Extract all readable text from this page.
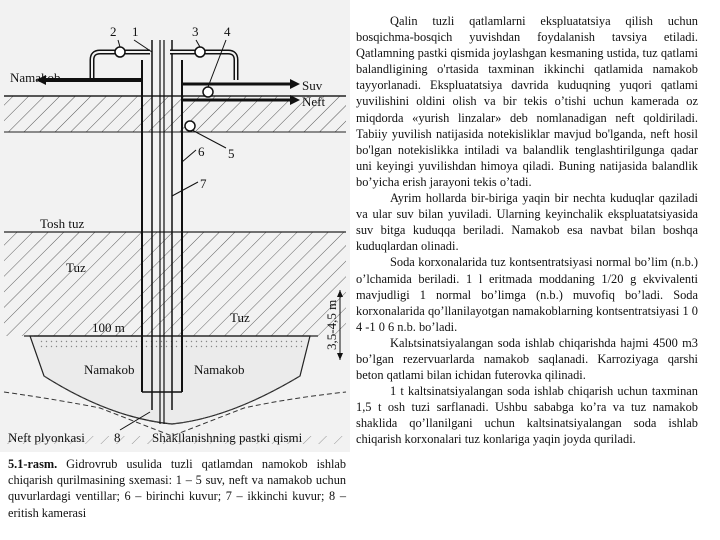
2 1	3 4
5
6
7
8
Namakob
Suv
Neft
Tosh tuz
Tuz
Tuz
100 m	3,5-4,5 m
Namakob	Namakob
Neft plyonkasi	Shakllanishning pastki qismi
5.1-rasm. Gidrovrub usulida tuzli qatlamdan namokob ishlab chiqarish qurilmasining sxemasi: 1 – 5 suv, neft va namakob uchun quvurlardagi ventillar; 6 – birinchi kuvur; 7 – ikkinchi kuvur; 8 – eritish kamerasi

Qalin tuzli qatlamlarni ekspluatatsiya qilish uchun bosqichma-bosqich yuvishdan foydalanish tavsiya etiladi. Qatlamning pastki qismida joylashgan kesmaning ustida, tuz qatlami balandligining o'rtasida taxminan ikkinchi qatlamida namakob tayyorlanadi. Ekspluatatsiya davrida kuduqning yuqori qatlami yuvilishini oldini olish va bir tekis o’tishi uchun kamerada oz miqdorda «yurish linzalar» deb nomlanadigan neft qoldiriladi. Tabiiy yuvilish natijasida notekisliklar mavjud bo'lganda, neft hosil bo'lgan notekislikka intiladi va balandlik tenglashtirilgunga qadar uni keyingi yuvilishdan himoya qiladi. Buning natijasida balandlik bo’yicha erish jarayoni tekis o’tadi.

Ayrim hollarda bir-biriga yaqin bir nechta kuduqlar qaziladi va ular suv bilan yuviladi. Ularning keyinchalik ekspluatatsiyasida suv bitga kuduqqa beriladi. Namakob esa navbat bilan boshqa kuduqlardan olinadi.

Soda korxonalarida tuz kontsentratsiyasi normal bo’lim (n.b.) o’lchamida beriladi. 1 l eritmada moddaning 1/20 g ekvivalenti mavjudligi 1 normal bo’limga (n.b.) muvofiq bo’ladi. Soda korxonalarida qo’llanilayotgan namakoblarning kontsentratsiyasi 1 0 4 -1 0 6 n.b. bo’ladi.

Kalьtsinatsiyalangan soda ishlab chiqarishda hajmi 4500 m3 bo’lgan rezervuarlarda namakob saqlanadi. Karroziyaga qarshi beton qatlami bilan ichidan futerovka qilinadi.

1 t kaltsinatsiyalangan soda ishlab chiqarish uchun taxminan 1,5 t osh tuzi sarflanadi. Ushbu sababga ko’ra va tuz namakob shaklida qo’llanilgani uchun kaltsinatsiyalangan soda ishlab chiqarish korxonalari tuz konlariga yaqin joyda quriladi.
